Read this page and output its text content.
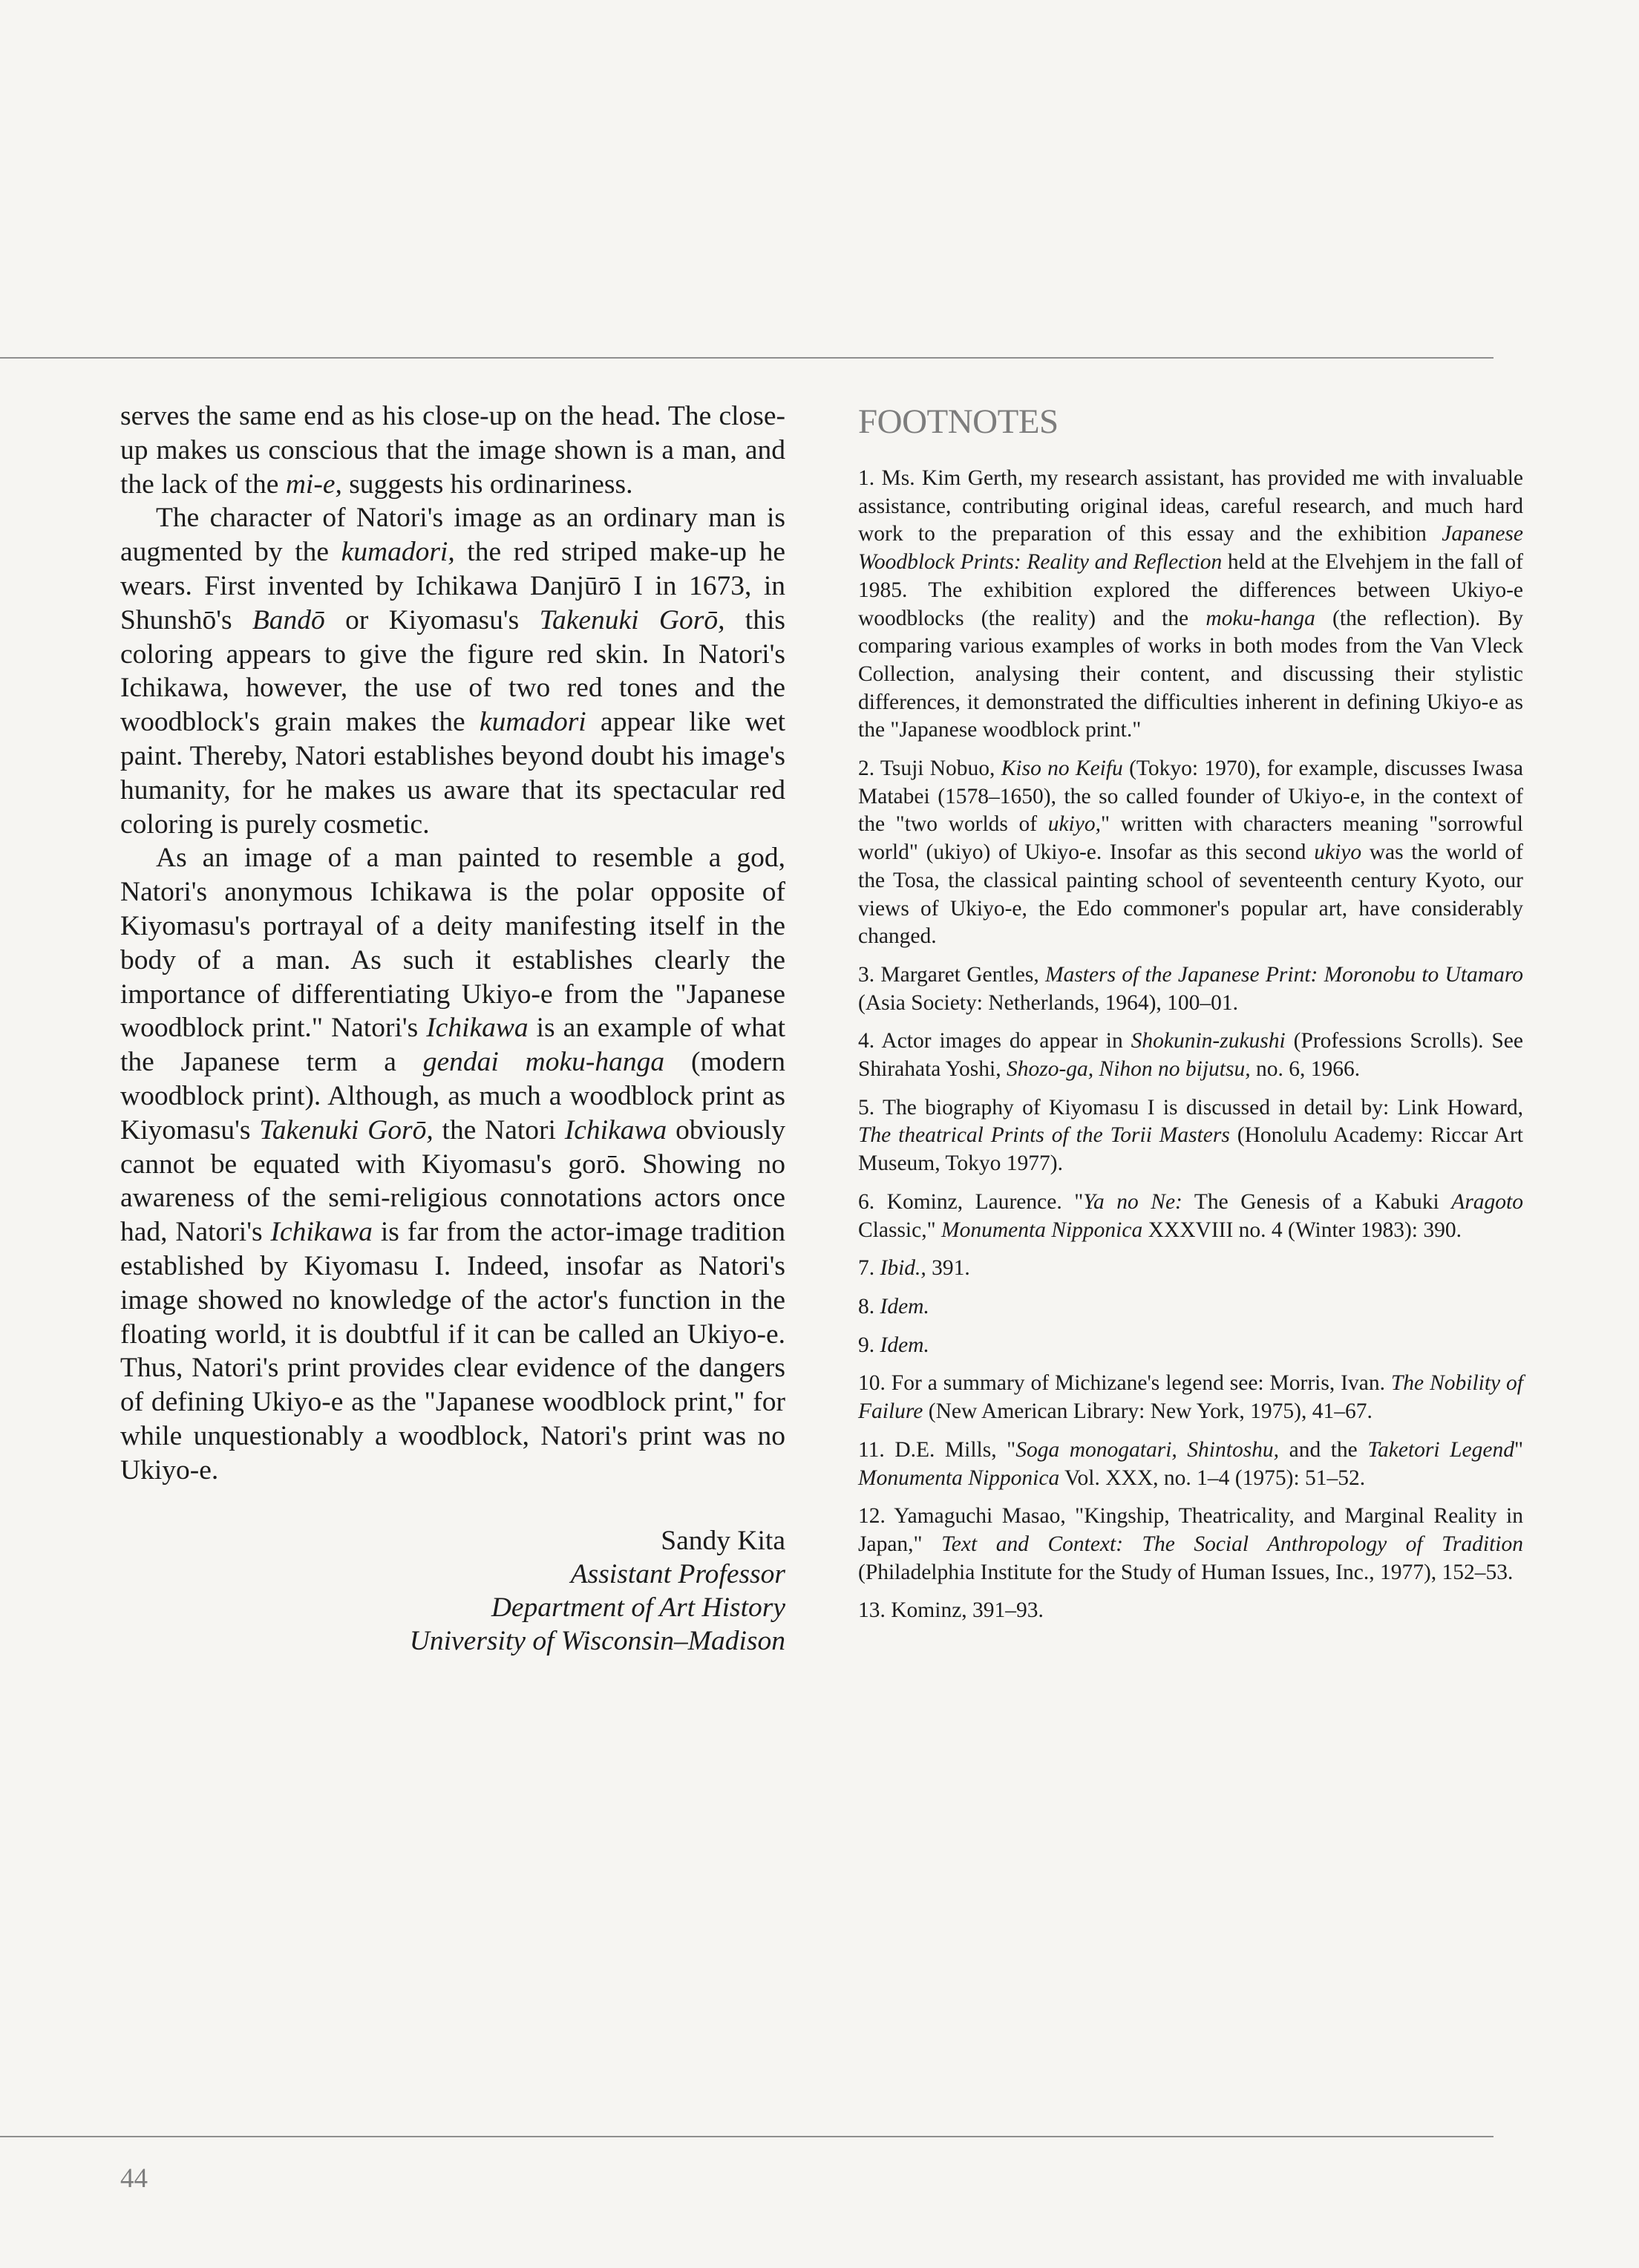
serves the same end as his close-up on the head. The close-up makes us conscious that the image shown is a man, and the lack of the mi-e, suggests his ordinariness.

The character of Natori's image as an ordinary man is augmented by the kumadori, the red striped make-up he wears. First invented by Ichikawa Danjūrō I in 1673, in Shunshō's Bandō or Kiyomasu's Takenuki Gorō, this coloring appears to give the figure red skin. In Natori's Ichikawa, however, the use of two red tones and the woodblock's grain makes the kumadori appear like wet paint. Thereby, Natori establishes beyond doubt his image's humanity, for he makes us aware that its spectacular red coloring is purely cosmetic.

As an image of a man painted to resemble a god, Natori's anonymous Ichikawa is the polar opposite of Kiyomasu's portrayal of a deity manifesting itself in the body of a man. As such it establishes clearly the importance of differentiating Ukiyo-e from the "Japanese woodblock print." Natori's Ichikawa is an example of what the Japanese term a gendai moku-hanga (modern woodblock print). Although, as much a woodblock print as Kiyomasu's Takenuki Gorō, the Natori Ichikawa obviously cannot be equated with Kiyomasu's gorō. Showing no awareness of the semi-religious connotations actors once had, Natori's Ichikawa is far from the actor-image tradition established by Kiyomasu I. Indeed, insofar as Natori's image showed no knowledge of the actor's function in the floating world, it is doubtful if it can be called an Ukiyo-e. Thus, Natori's print provides clear evidence of the dangers of defining Ukiyo-e as the "Japanese woodblock print," for while unquestionably a woodblock, Natori's print was no Ukiyo-e.

Sandy Kita
Assistant Professor
Department of Art History
University of Wisconsin–Madison
FOOTNOTES

1. Ms. Kim Gerth, my research assistant, has provided me with invaluable assistance, contributing original ideas, careful research, and much hard work to the preparation of this essay and the exhibition Japanese Woodblock Prints: Reality and Reflection held at the Elvehjem in the fall of 1985. The exhibition explored the differences between Ukiyo-e woodblocks (the reality) and the moku-hanga (the reflection). By comparing various examples of works in both modes from the Van Vleck Collection, analysing their content, and discussing their stylistic differences, it demonstrated the difficulties inherent in defining Ukiyo-e as the "Japanese woodblock print."

2. Tsuji Nobuo, Kiso no Keifu (Tokyo: 1970), for example, discusses Iwasa Matabei (1578–1650), the so called founder of Ukiyo-e, in the context of the "two worlds of ukiyo," written with characters meaning "sorrowful world" (ukiyo) of Ukiyo-e. Insofar as this second ukiyo was the world of the Tosa, the classical painting school of seventeenth century Kyoto, our views of Ukiyo-e, the Edo commoner's popular art, have considerably changed.

3. Margaret Gentles, Masters of the Japanese Print: Moronobu to Utamaro (Asia Society: Netherlands, 1964), 100–01.

4. Actor images do appear in Shokunin-zukushi (Professions Scrolls). See Shirahata Yoshi, Shozo-ga, Nihon no bijutsu, no. 6, 1966.

5. The biography of Kiyomasu I is discussed in detail by: Link Howard, The theatrical Prints of the Torii Masters (Honolulu Academy: Riccar Art Museum, Tokyo 1977).

6. Kominz, Laurence. "Ya no Ne: The Genesis of a Kabuki Aragoto Classic," Monumenta Nipponica XXXVIII no. 4 (Winter 1983): 390.

7. Ibid., 391.

8. Idem.

9. Idem.

10. For a summary of Michizane's legend see: Morris, Ivan. The Nobility of Failure (New American Library: New York, 1975), 41–67.

11. D.E. Mills, "Soga monogatari, Shintoshu, and the Taketori Legend" Monumenta Nipponica Vol. XXX, no. 1–4 (1975): 51–52.

12. Yamaguchi Masao, "Kingship, Theatricality, and Marginal Reality in Japan," Text and Context: The Social Anthropology of Tradition (Philadelphia Institute for the Study of Human Issues, Inc., 1977), 152–53.

13. Kominz, 391–93.

44
